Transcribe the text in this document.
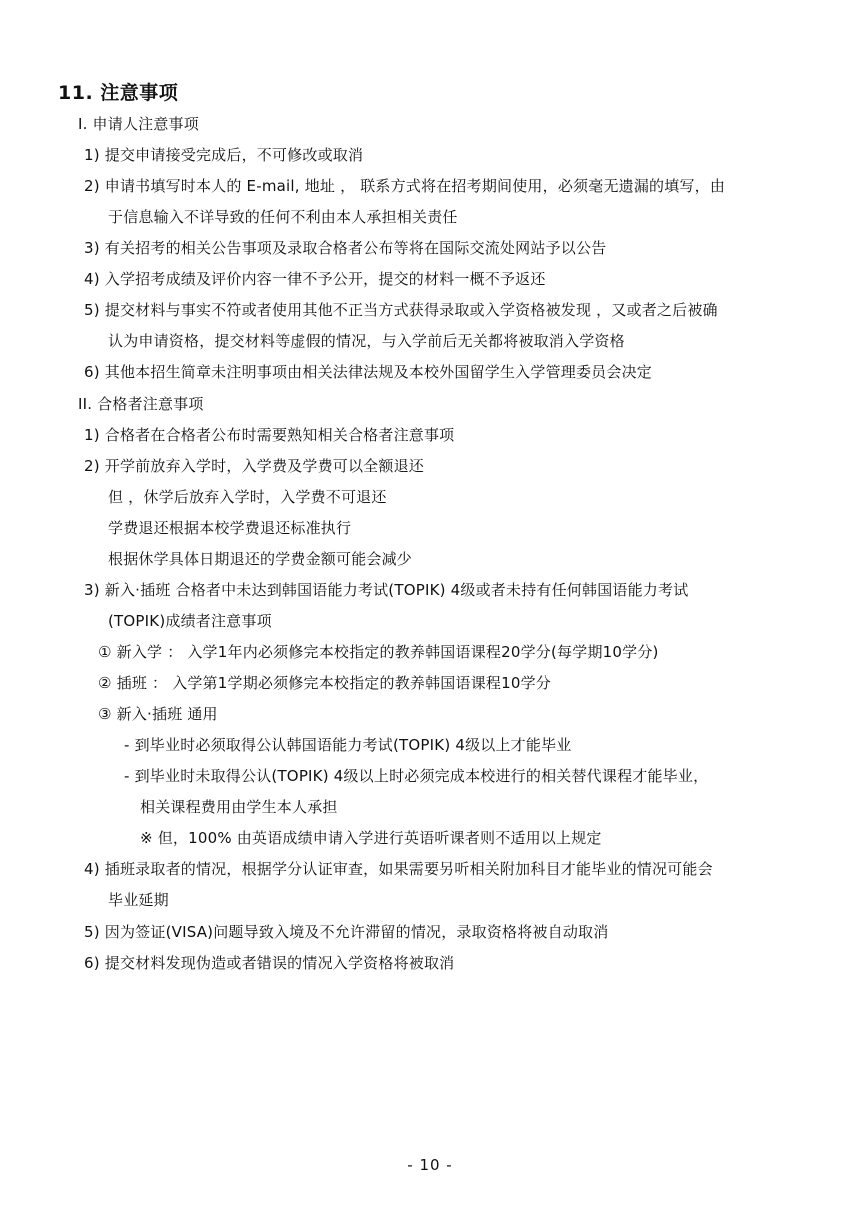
11. 注意事项
I. 申请人注意事项
1) 提交申请接受完成后，不可修改或取消
2) 申请书填写时本人的 E-mail, 地址 ， 联系方式将在招考期间使用，必须毫无遗漏的填写，由
于信息输入不详导致的任何不利由本人承担相关责任
3) 有关招考的相关公告事项及录取合格者公布等将在国际交流处网站予以公告
4) 入学招考成绩及评价内容一律不予公开，提交的材料一概不予返还
5) 提交材料与事实不符或者使用其他不正当方式获得录取或入学资格被发现 ，又或者之后被确
认为申请资格，提交材料等虚假的情况，与入学前后无关都将被取消入学资格
6) 其他本招生简章未注明事项由相关法律法规及本校外国留学生入学管理委员会决定
II. 合格者注意事项
1) 合格者在合格者公布时需要熟知相关合格者注意事项
2) 开学前放弃入学时，入学费及学费可以全额退还
但 ，休学后放弃入学时，入学费不可退还
学费退还根据本校学费退还标准执行
根据休学具体日期退还的学费金额可能会减少
3) 新入·插班 合格者中未达到韩国语能力考试(TOPIK) 4级或者未持有任何韩国语能力考试
(TOPIK)成绩者注意事项
① 新入学 ： 入学1年内必须修完本校指定的教养韩国语课程20学分(每学期10学分)
② 插班 ： 入学第1学期必须修完本校指定的教养韩国语课程10学分
③ 新入·插班 通用
- 到毕业时必须取得公认韩国语能力考试(TOPIK) 4级以上才能毕业
- 到毕业时未取得公认(TOPIK) 4级以上时必须完成本校进行的相关替代课程才能毕业，
相关课程费用由学生本人承担
※ 但，100% 由英语成绩申请入学进行英语听课者则不适用以上规定
4) 插班录取者的情况，根据学分认证审查，如果需要另听相关附加科目才能毕业的情况可能会
毕业延期
5) 因为签证(VISA)问题导致入境及不允许滞留的情况，录取资格将被自动取消
6) 提交材料发现伪造或者错误的情况入学资格将被取消
- 10 -
